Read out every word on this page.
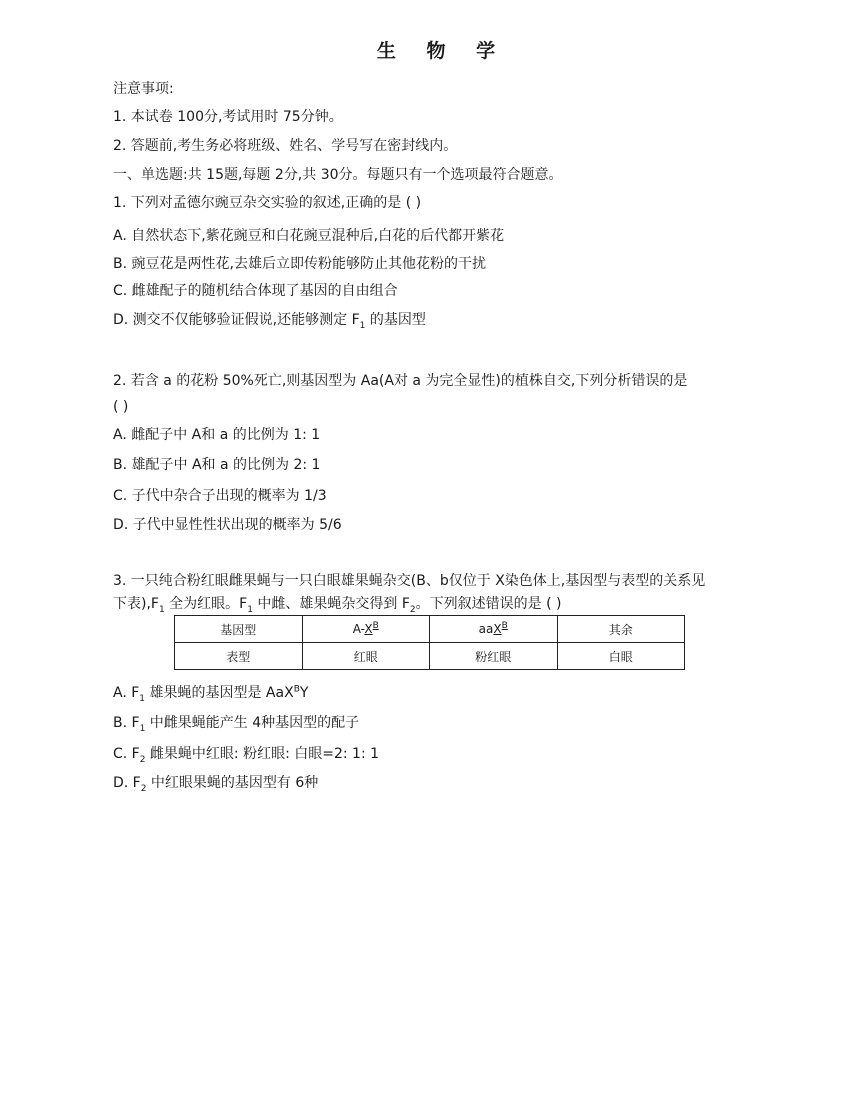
生 物 学
注意事项:
1. 本试卷 100分,考试用时 75分钟。
2. 答题前,考生务必将班级、姓名、学号写在密封线内。
一、单选题:共 15题,每题 2分,共 30分。每题只有一个选项最符合题意。
1. 下列对孟德尔豌豆杂交实验的叙述,正确的是 ( )
A. 自然状态下,紫花豌豆和白花豌豆混种后,白花的后代都开紫花
B. 豌豆花是两性花,去雄后立即传粉能够防止其他花粉的干扰
C. 雌雄配子的随机结合体现了基因的自由组合
D. 测交不仅能够验证假说,还能够测定 $F_1$ 的基因型
2. 若含 a 的花粉 50%死亡,则基因型为 Aa(A对 a 为完全显性)的植株自交,下列分析错误的是
( )
A. 雌配子中 A和 a 的比例为 1: 1
B. 雄配子中 A和 a 的比例为 2: 1
C. 子代中杂合子出现的概率为 1/3
D. 子代中显性性状出现的概率为 5/6
3. 一只纯合粉红眼雌果蝇与一只白眼雄果蝇杂交(B、b仅位于 X染色体上,基因型与表型的关系见
下表)$,F_1$ 全为红眼。$F_1$ 中雌、雄果蝇杂交得到 $F_2$。下列叙述错误的是 ( )
基因型	$A-X^B$	aaX$^B$	其余
表型	红眼	粉红眼	白眼
A. $F_1$ 雄果蝇的基因型是 AaX$^B$Y
B. $F_1$ 中雌果蝇能产生 4种基因型的配子
C. $F_2$ 雌果蝇中红眼: 粉红眼: 白眼=2: 1: 1
D. $F_2$ 中红眼果蝇的基因型有 6种
